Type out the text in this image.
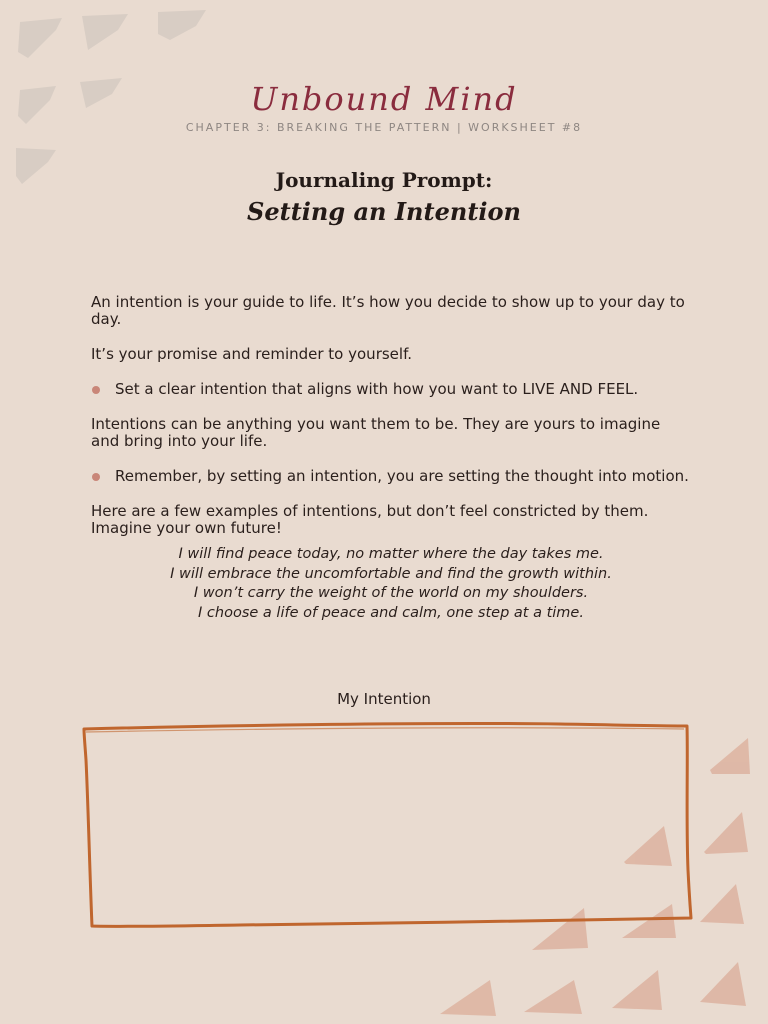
Unbound Mind
CHAPTER 3: BREAKING THE PATTERN | WORKSHEET #8
Journaling Prompt:
Setting an Intention

An intention is your guide to life. It’s how you decide to show up to your day to day.

It’s your promise and reminder to yourself.

Set a clear intention that aligns with how you want to LIVE AND FEEL.

Intentions can be anything you want them to be. They are yours to imagine and bring into your life.

Remember, by setting an intention, you are setting the thought into motion.

Here are a few examples of intentions, but don’t feel constricted by them. Imagine your own future!

I will find peace today, no matter where the day takes me.
I will embrace the uncomfortable and find the growth within.
I won’t carry the weight of the world on my shoulders.
I choose a life of peace and calm, one step at a time.
My Intention
